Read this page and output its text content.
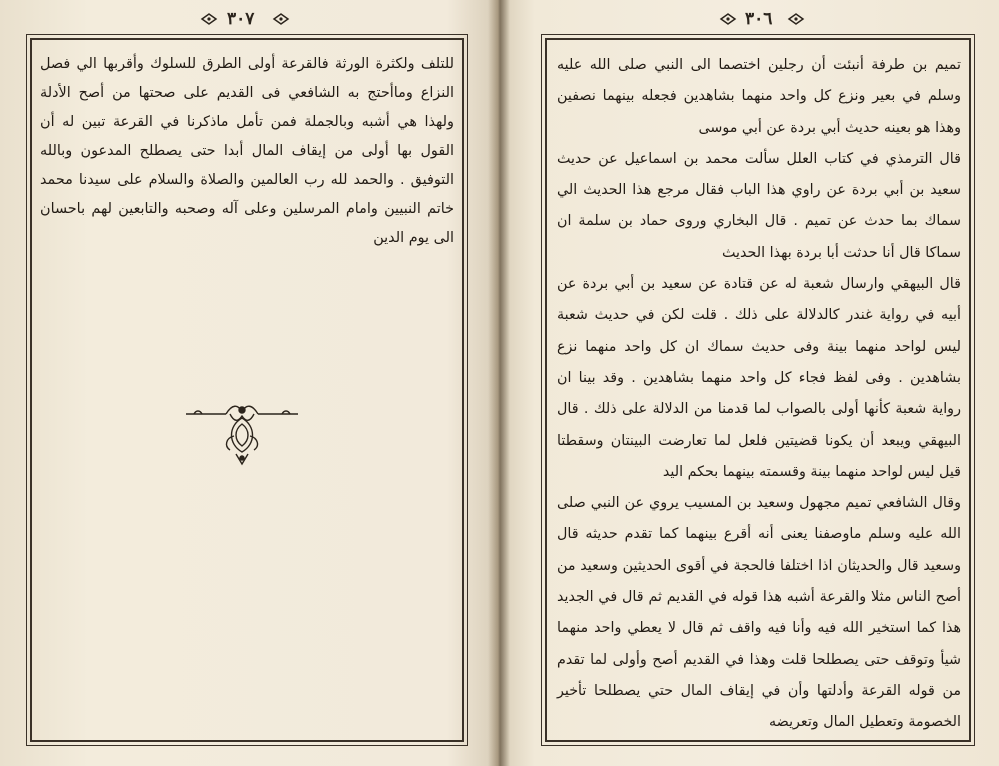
٣٠٧

للتلف ولكثرة الورثة فالقرعة أولى الطرق للسلوك وأقربها الي فصل النزاع وماأحتج به الشافعي فى القديم على صحتها من أصح الأدلة ولهذا هي أشبه وبالجملة فمن تأمل ماذكرنا في القرعة تبين له أن القول بها أولى من إيقاف المال أبدا حتى يصطلح المدعون وبالله التوفيق . والحمد لله رب العالمين والصلاة والسلام على سيدنا محمد خاتم النبيين وامام المرسلين وعلى آله وصحبه والتابعين لهم باحسان الى يوم الدين

٣٠٦

تميم بن طرفة أنبئت أن رجلين اختصما الى النبي صلى الله عليه وسلم في بعير ونزع كل واحد منهما بشاهدين فجعله بينهما نصفين وهذا هو بعينه حديث أبي بردة عن أبي موسى

قال الترمذي في كتاب العلل سألت محمد بن اسماعيل عن حديث سعيد بن أبي بردة عن راوي هذا الباب فقال مرجع هذا الحديث الي سماك بما حدث عن تميم . قال البخاري وروى حماد بن سلمة ان سماكا قال أنا حدثت أبا بردة بهذا الحديث

قال البيهقي وارسال شعبة له عن قتادة عن سعيد بن أبي بردة عن أبيه في رواية غندر كالدلالة على ذلك . قلت لكن في حديث شعبة ليس لواحد منهما بينة وفى حديث سماك ان كل واحد منهما نزع بشاهدين . وفى لفظ فجاء كل واحد منهما بشاهدين . وقد بينا ان رواية شعبة كأنها أولى بالصواب لما قدمنا من الدلالة على ذلك . قال البيهقي ويبعد أن يكونا قضيتين فلعل لما تعارضت البينتان وسقطتا قيل ليس لواحد منهما بينة وقسمته بينهما بحكم اليد

وقال الشافعي تميم مجهول وسعيد بن المسيب يروي عن النبي صلى الله عليه وسلم ماوصفنا يعنى أنه أقرع بينهما كما تقدم حديثه قال وسعيد قال والحديثان اذا اختلفا فالحجة في أقوى الحديثين وسعيد من أصح الناس مثلا والقرعة أشبه هذا قوله في القديم ثم قال في الجديد هذا كما استخير الله فيه وأنا فيه واقف ثم قال لا يعطي واحد منهما شيأ وتوقف حتى يصطلحا قلت وهذا في القديم أصح وأولى لما تقدم من قوله القرعة وأدلتها وأن في إيقاف المال حتي يصطلحا تأخير الخصومة وتعطيل المال وتعريضه
